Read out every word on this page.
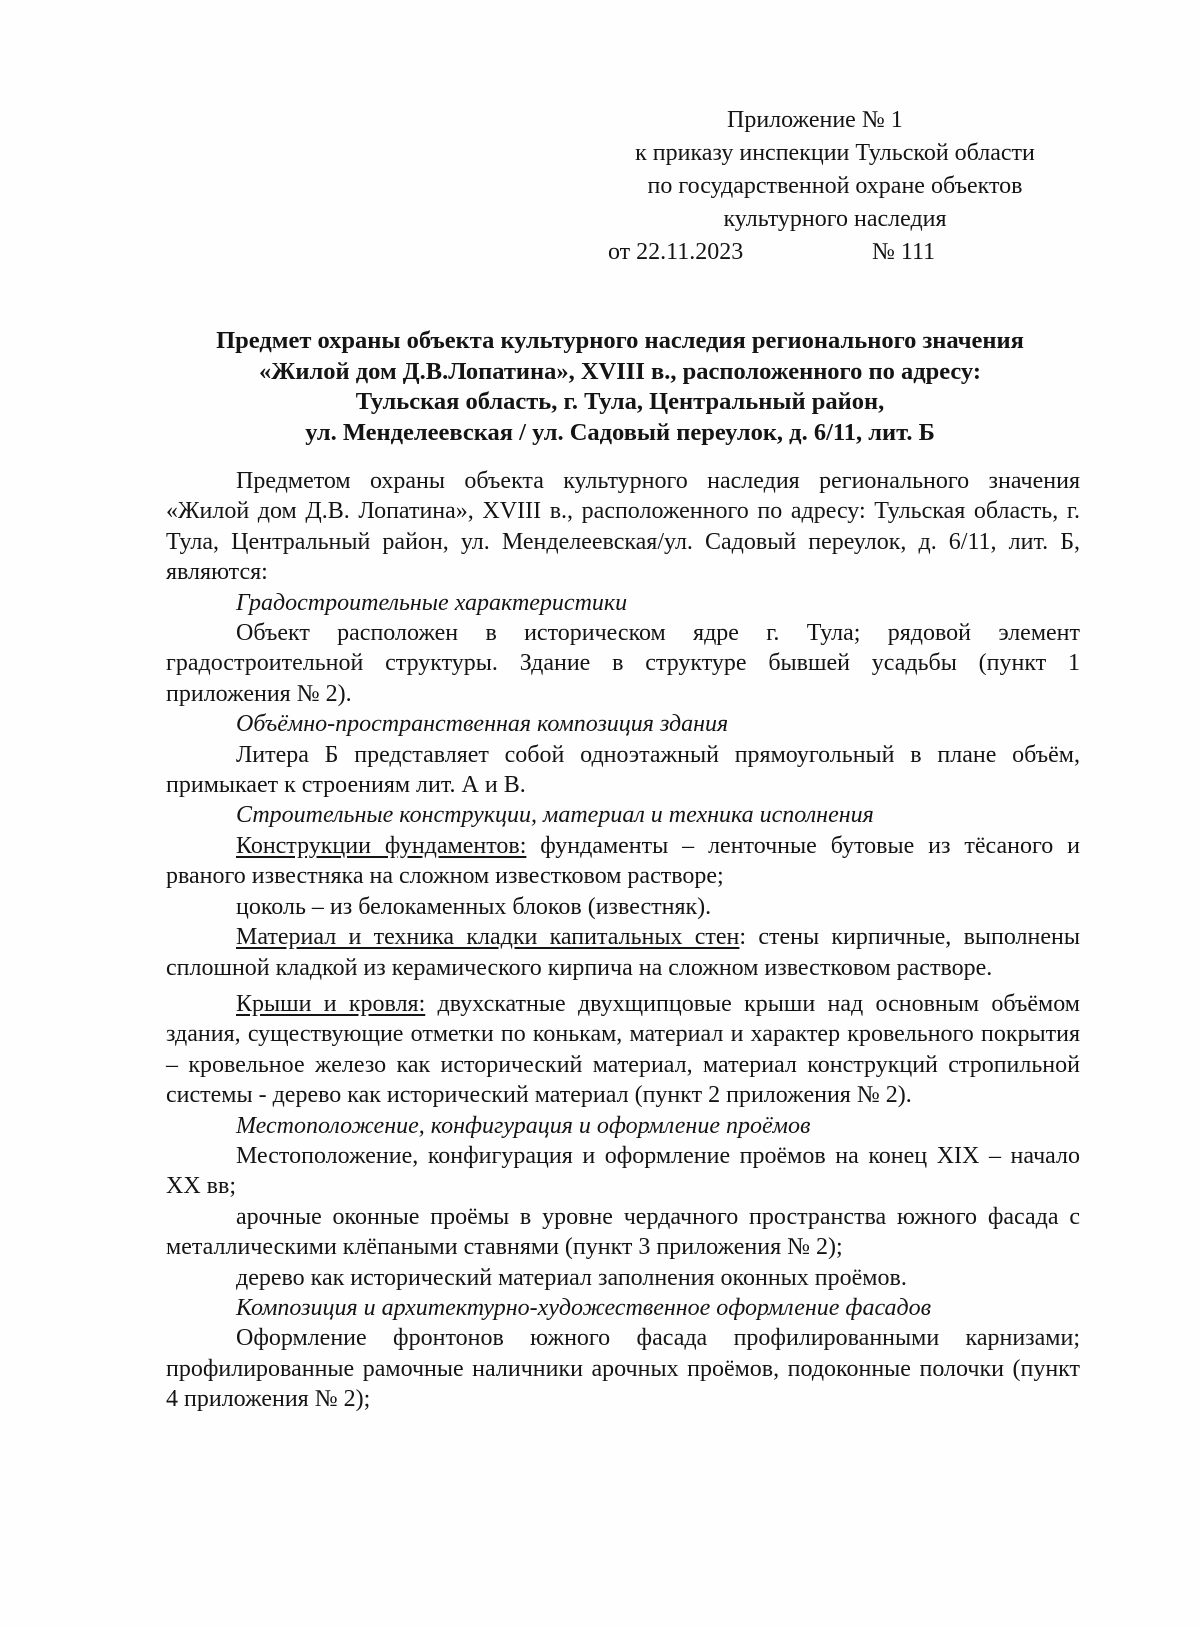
Приложение № 1
к приказу инспекции Тульской области
по государственной охране объектов
культурного наследия
от 22.11.2023	№ 111
Предмет охраны объекта культурного наследия регионального значения
«Жилой дом Д.В.Лопатина», XVIII в., расположенного по адресу:
Тульская область, г. Тула, Центральный район,
ул. Менделеевская / ул. Садовый переулок, д. 6/11, лит. Б

Предметом охраны объекта культурного наследия регионального значения «Жилой дом Д.В. Лопатина», XVIII в., расположенного по адресу: Тульская область, г. Тула, Центральный район, ул. Менделеевская/ул. Садовый переулок, д. 6/11, лит. Б, являются:

Градостроительные характеристики

Объект расположен в историческом ядре г. Тула; рядовой элемент градостроительной структуры. Здание в структуре бывшей усадьбы (пункт 1 приложения № 2).

Объёмно-пространственная композиция здания

Литера Б представляет собой одноэтажный прямоугольный в плане объём, примыкает к строениям лит. А и В.

Строительные конструкции, материал и техника исполнения

Конструкции фундаментов: фундаменты – ленточные бутовые из тёсаного и рваного известняка на сложном известковом растворе;

цоколь – из белокаменных блоков (известняк).

Материал и техника кладки капитальных стен: стены кирпичные, выполнены сплошной кладкой из керамического кирпича на сложном известковом растворе.

Крыши и кровля: двухскатные двухщипцовые крыши над основным объёмом здания, существующие отметки по конькам, материал и характер кровельного покрытия – кровельное железо как исторический материал, материал конструкций стропильной системы - дерево как исторический материал (пункт 2 приложения № 2).

Местоположение, конфигурация и оформление проёмов

Местоположение, конфигурация и оформление проёмов на конец XIX – начало XX вв;

арочные оконные проёмы в уровне чердачного пространства южного фасада с металлическими клёпаными ставнями (пункт 3 приложения № 2);

дерево как исторический материал заполнения оконных проёмов.

Композиция и архитектурно-художественное оформление фасадов

Оформление фронтонов южного фасада профилированными карнизами; профилированные рамочные наличники арочных проёмов, подоконные полочки (пункт 4 приложения № 2);
